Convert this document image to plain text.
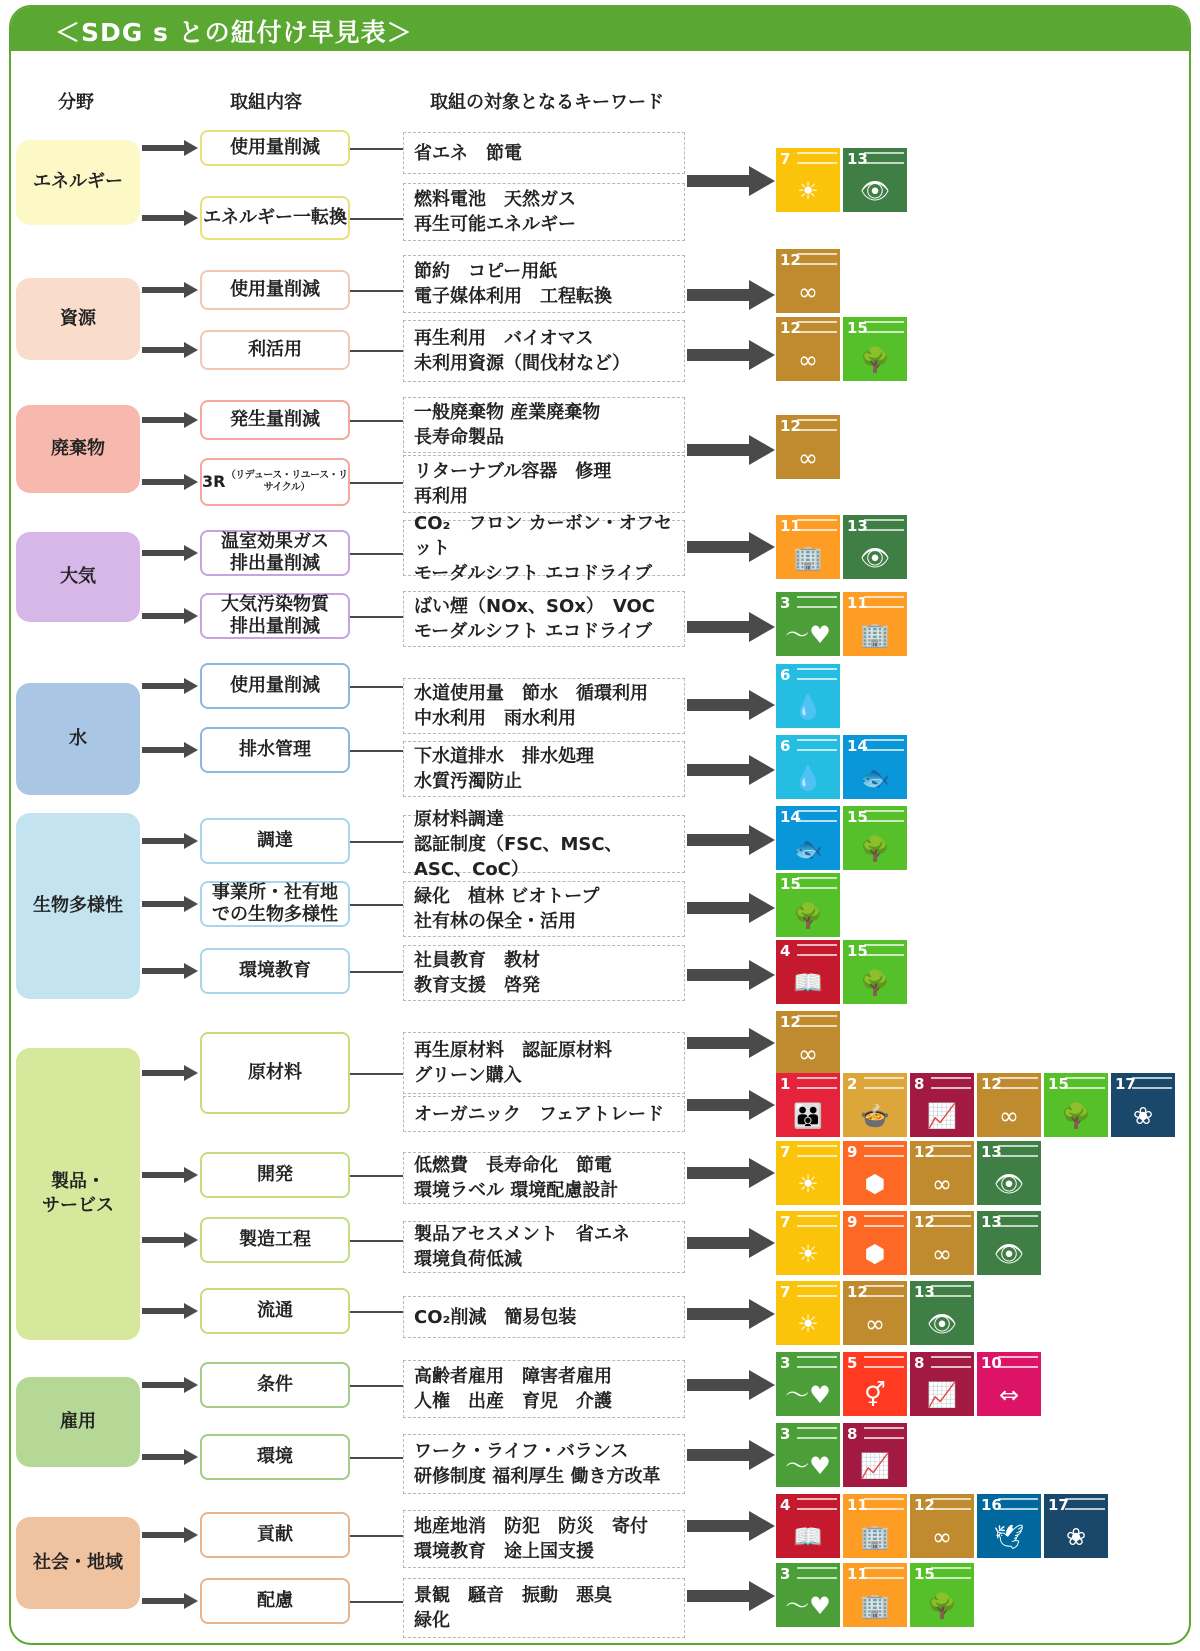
＜SDG s との紐付け早見表＞
分野	取組内容	取組の対象となるキーワード
エネルギー
資源
廃棄物
大気
水
生物多様性
製品・
サービス
雇用
社会・地域
使用量削減
エネルギー一転換
使用量削減
利活用
発生量削減
3R （リデュース・リユース・リサイクル）
温室効果ガス
排出量削減
大気汚染物質
排出量削減
使用量削減
排水管理
調達
事業所・社有地
での生物多様性
環境教育
原材料
開発
製造工程
流通
条件
環境
貢献
配慮
省エネ　節電
燃料電池　天然ガス
再生可能エネルギー
節約　コピー用紙
電子媒体利用　工程転換
再生利用　バイオマス
未利用資源（間伐材など）
一般廃棄物 産業廃棄物
長寿命製品
リターナブル容器　修理
再利用
CO₂　フロン カーボン・オフセット
モーダルシフト エコドライブ
ばい煙（NOx、SOx）　VOC
モーダルシフト エコドライブ
水道使用量　節水　循環利用
中水利用　雨水利用
下水道排水　排水処理
水質汚濁防止
原材料調達
認証制度（FSC、MSC、ASC、CoC）
緑化　植林 ビオトープ
社有林の保全・活用
社員教育　教材
教育支援　啓発
再生原材料　認証原材料
グリーン購入
オーガニック　フェアトレード
低燃費　長寿命化　節電
環境ラベル 環境配慮設計
製品アセスメント　省エネ
環境負荷低減
CO₂削減　簡易包装
高齢者雇用　障害者雇用
人権　出産　育児　介護
ワーク・ライフ・バランス
研修制度 福利厚生 働き方改革
地産地消　防犯　防災　寄付
環境教育　途上国支援
景観　騒音　振動　悪臭
緑化
7
☀
13
👁
12
∞
12
∞
15
🌳
12
∞
11
🏢
13
👁
3
〜♥
11
🏢
6
💧
6
💧
14
🐟
14
🐟
15
🌳
15
🌳
4
📖
15
🌳
12
∞
1
👪
2
🍲
8
📈
12
∞
15
🌳
17
❀
7
☀
9
⬢
12
∞
13
👁
7
☀
9
⬢
12
∞
13
👁
7
☀
12
∞
13
👁
3
〜♥
5
⚥
8
📈
10
⇔
3
〜♥
8
📈
4
📖
11
🏢
12
∞
16
🕊
17
❀
3
〜♥
11
🏢
15
🌳
